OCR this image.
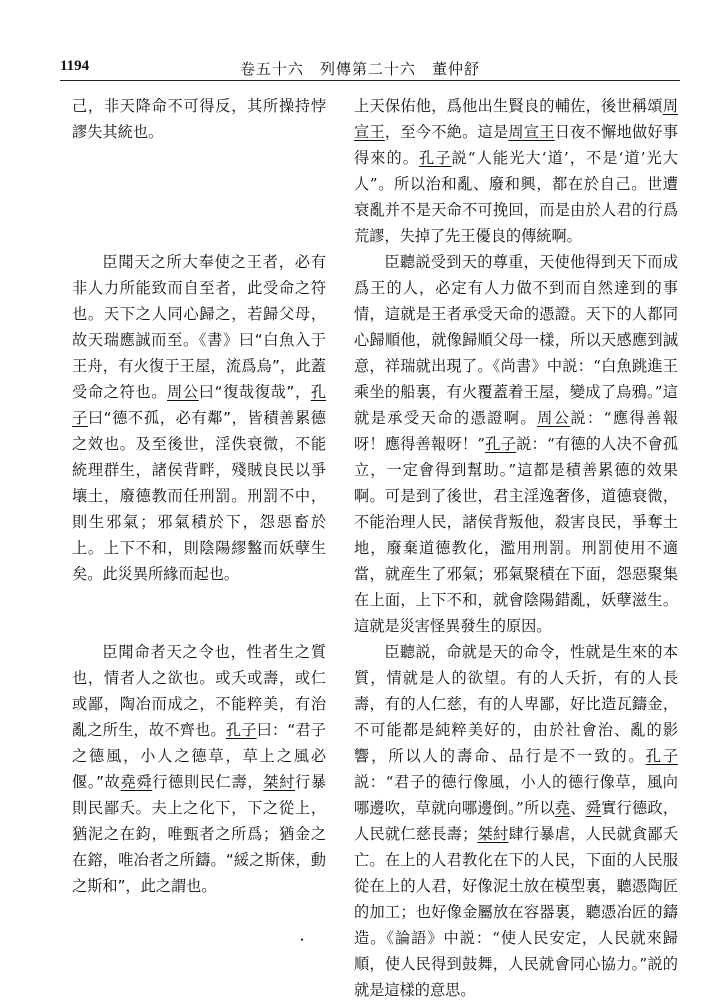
1194	卷五十六　列傳第二十六　董仲舒

己，非天降命不可得反，其所操持悖謬失其統也。

臣聞天之所大奉使之王者，必有非人力所能致而自至者，此受命之符也。天下之人同心歸之，若歸父母，故天瑞應誠而至。《書》曰“白魚入于王舟，有火復于王屋，流爲烏”，此蓋受命之符也。周公曰“復哉復哉”，孔子曰“德不孤，必有鄰”，皆積善累德之效也。及至後世，淫佚衰微，不能統理群生，諸侯背畔，殘賊良民以爭壤土，廢德教而任刑罰。刑罰不中，則生邪氣；邪氣積於下，怨惡畜於上。上下不和，則陰陽繆盭而妖孽生矣。此災異所緣而起也。

臣聞命者天之令也，性者生之質也，情者人之欲也。或夭或壽，或仁或鄙，陶冶而成之，不能粹美，有治亂之所生，故不齊也。孔子曰：“君子之德風，小人之德草，草上之風必偃。”故堯舜行德則民仁壽，桀紂行暴則民鄙夭。夫上之化下，下之從上，猶泥之在鈞，唯甄者之所爲；猶金之在鎔，唯冶者之所鑄。“綏之斯俫，動之斯和”，此之謂也。

上天保佑他，爲他出生賢良的輔佐，後世稱頌周宣王，至今不絶。這是周宣王日夜不懈地做好事得來的。孔子説“人能光大‘道’，不是‘道’光大人”。所以治和亂、廢和興，都在於自己。世遭衰亂并不是天命不可挽回，而是由於人君的行爲荒謬，失掉了先王優良的傳統啊。

臣聽説受到天的尊重，天使他得到天下而成爲王的人，必定有人力做不到而自然達到的事情，這就是王者承受天命的憑證。天下的人都同心歸順他，就像歸順父母一樣，所以天感應到誠意，祥瑞就出現了。《尚書》中説：“白魚跳進王乘坐的船裏，有火覆蓋着王屋，變成了烏鴉。”這就是承受天命的憑證啊。周公説：“應得善報呀！應得善報呀！”孔子説：“有德的人决不會孤立，一定會得到幫助。”這都是積善累德的效果啊。可是到了後世，君主淫逸奢侈，道德衰微，不能治理人民，諸侯背叛他，殺害良民，爭奪土地，廢棄道德教化，濫用刑罰。刑罰使用不適當，就産生了邪氣；邪氣聚積在下面，怨惡聚集在上面，上下不和，就會陰陽錯亂，妖孽滋生。這就是災害怪異發生的原因。

臣聽説，命就是天的命令，性就是生來的本質，情就是人的欲望。有的人夭折，有的人長壽，有的人仁慈，有的人卑鄙，好比造瓦鑄金，不可能都是純粹美好的，由於社會治、亂的影響，所以人的壽命、品行是不一致的。孔子説：“君子的德行像風，小人的德行像草，風向哪邊吹，草就向哪邊倒。”所以堯、舜實行德政，人民就仁慈長壽；桀紂肆行暴虐，人民就貪鄙夭亡。在上的人君教化在下的人民，下面的人民服從在上的人君，好像泥土放在模型裏，聽憑陶匠的加工；也好像金屬放在容器裏，聽憑冶匠的鑄造。《論語》中説：“使人民安定，人民就來歸順，使人民得到鼓舞，人民就會同心協力。”説的就是這樣的意思。

・
